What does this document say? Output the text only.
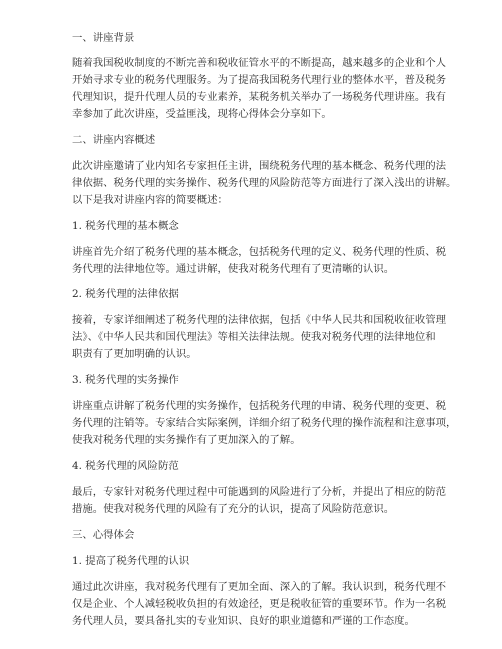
一、讲座背景

随着我国税收制度的不断完善和税收征管水平的不断提高，越来越多的企业和个人

开始寻求专业的税务代理服务。为了提高我国税务代理行业的整体水平，普及税务

代理知识，提升代理人员的专业素养，某税务机关举办了一场税务代理讲座。我有

幸参加了此次讲座，受益匪浅，现将心得体会分享如下。

二、讲座内容概述

此次讲座邀请了业内知名专家担任主讲，围绕税务代理的基本概念、税务代理的法

律依据、税务代理的实务操作、税务代理的风险防范等方面进行了深入浅出的讲解。

以下是我对讲座内容的简要概述：

1. 税务代理的基本概念

讲座首先介绍了税务代理的基本概念，包括税务代理的定义、税务代理的性质、税

务代理的法律地位等。通过讲解，使我对税务代理有了更清晰的认识。

2. 税务代理的法律依据

接着，专家详细阐述了税务代理的法律依据，包括《中华人民共和国税收征收管理

法》、《中华人民共和国代理法》等相关法律法规。使我对税务代理的法律地位和

职责有了更加明确的认识。

3. 税务代理的实务操作

讲座重点讲解了税务代理的实务操作，包括税务代理的申请、税务代理的变更、税

务代理的注销等。专家结合实际案例，详细介绍了税务代理的操作流程和注意事项，

使我对税务代理的实务操作有了更加深入的了解。

4. 税务代理的风险防范

最后，专家针对税务代理过程中可能遇到的风险进行了分析，并提出了相应的防范

措施。使我对税务代理的风险有了充分的认识，提高了风险防范意识。

三、心得体会

1. 提高了税务代理的认识

通过此次讲座，我对税务代理有了更加全面、深入的了解。我认识到，税务代理不

仅是企业、个人减轻税收负担的有效途径，更是税收征管的重要环节。作为一名税

务代理人员，要具备扎实的专业知识、良好的职业道德和严谨的工作态度。
